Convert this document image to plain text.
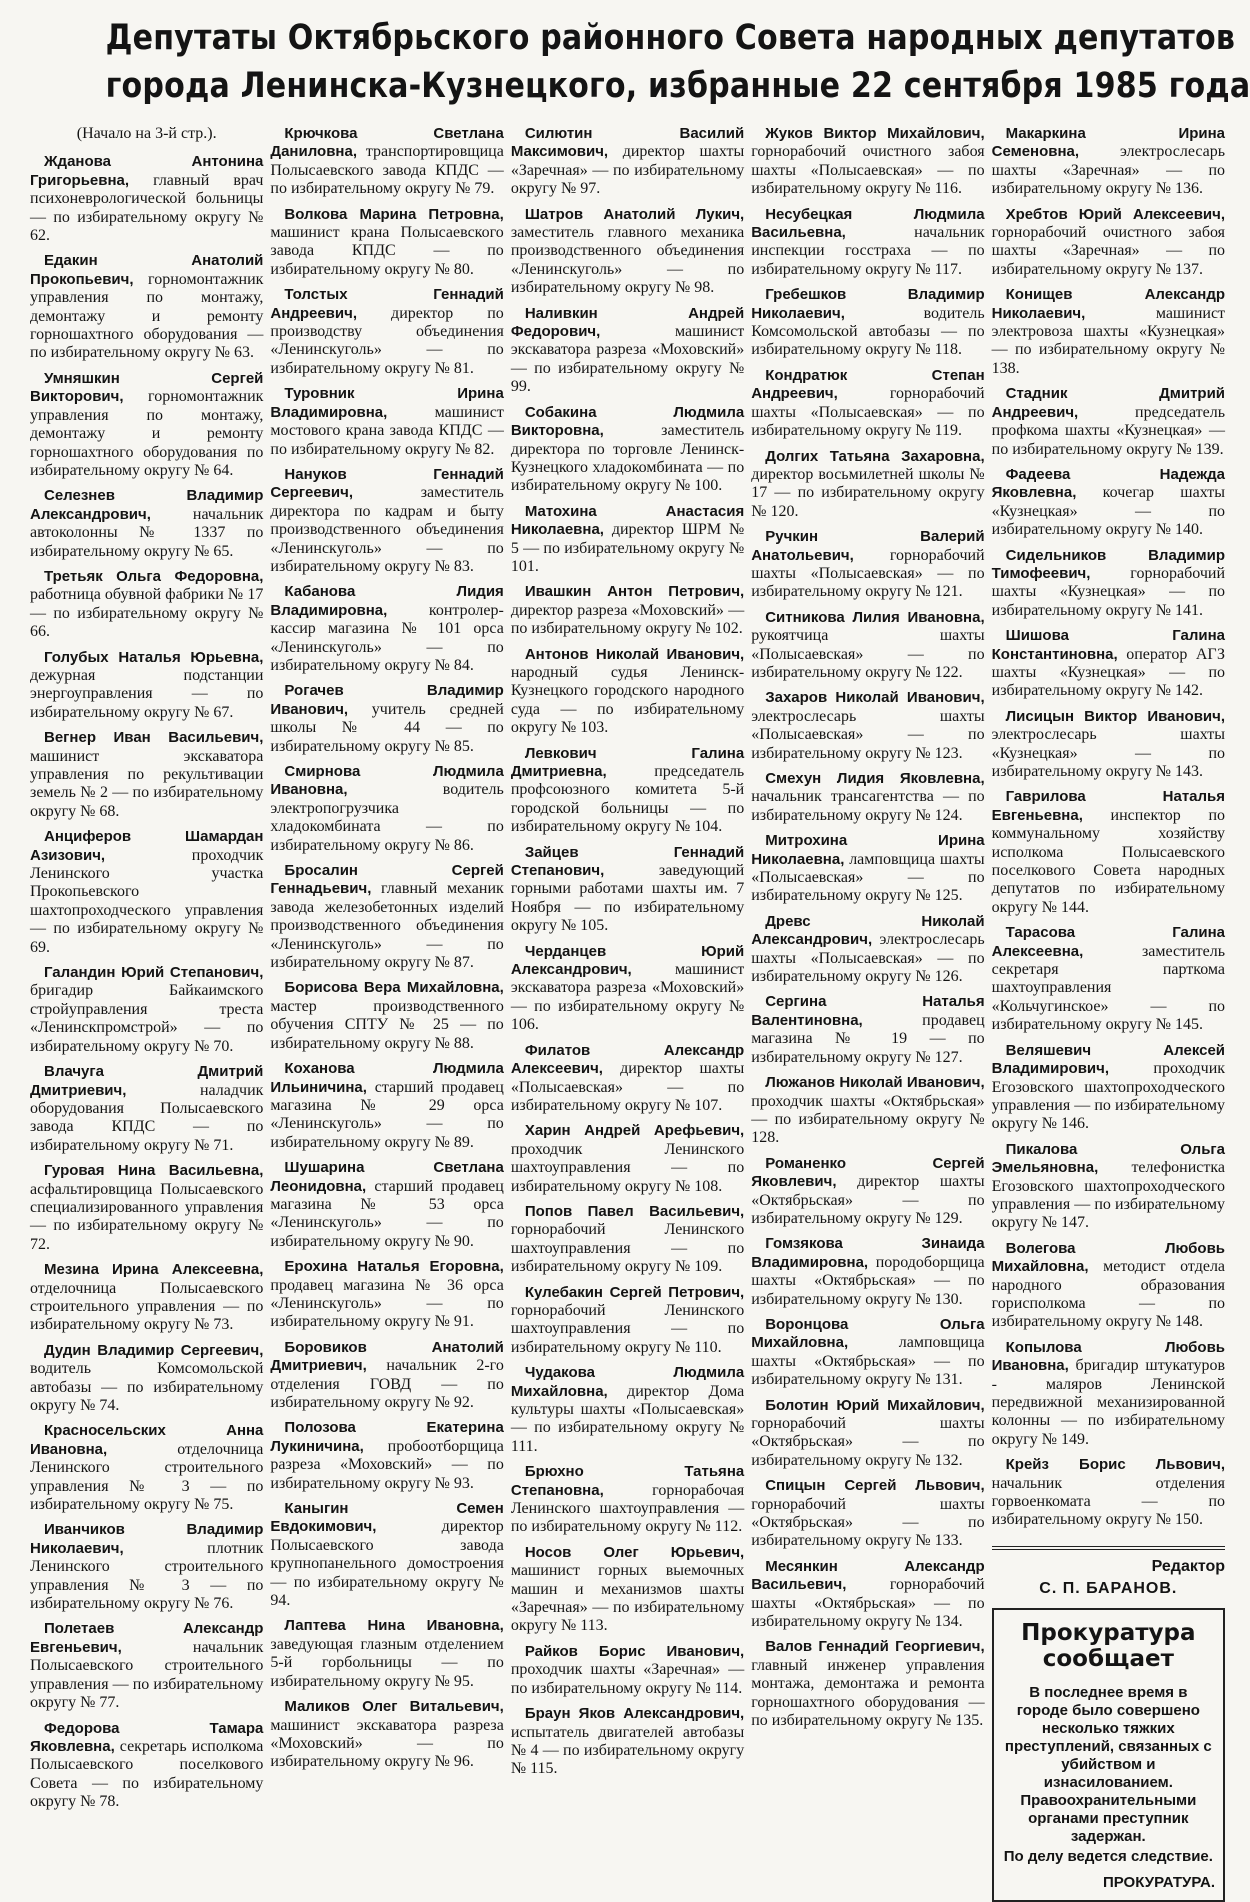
Депутаты Октябрьского районного Совета народных депутатов
города Ленинска-Кузнецкого, избранные 22 сентября 1985 года
(Начало на 3-й стр.).
Жданова Антонина Григорьевна, главный врач психоневрологической больницы — по избирательному округу № 62.
Едакин Анатолий Прокопьевич, горномонтажник управления по монтажу, демонтажу и ремонту горношахтного оборудования — по избирательному округу № 63.
Умняшкин Сергей Викторович, горномонтажник управления по монтажу, демонтажу и ремонту горношахтного оборудования по избирательному округу № 64.
Селезнев Владимир Александрович,	начальник автоколонны № 1337 по избирательному округу № 65.
Третьяк Ольга Федоровна, работница обувной фабрики № 17 — по избирательному округу № 66.
Голубых Наталья Юрьевна, дежурная подстанции энергоуправления — по избирательному округу № 67.
Вегнер Иван Васильевич, машинист экскаватора управления по рекультивации земель № 2 — по избирательному округу № 68.
Анциферов Шамардан Азизович,	проходчик Ленинского участка Прокопьевского шахтопроходческого управления — по избирательному округу № 69.
Галандин Юрий Степанович, бригадир Байкаимского стройуправления треста «Ленинскпромстрой» — по избирательному округу № 70.
Влачуга Дмитрий Дмитриевич,	наладчик оборудования Полысаевского завода КПДС — по избирательному округу № 71.
Гуровая Нина Васильевна, асфальтировщица Полысаевского специализированного управления — по избирательному округу № 72.
Мезина Ирина Алексеевна, отделочница Полысаевского строительного управления — по избирательному округу № 73.
Дудин Владимир Сергеевич, водитель Комсомольской автобазы — по избирательному округу № 74.
Красносельских Анна Ивановна,	отделочница Ленинского строительного управления № 3 — по избирательному округу № 75.
Иванчиков Владимир Николаевич,	плотник Ленинского строительного управления № 3 — по избирательному округу № 76.
Полетаев Александр Евгеньевич,	начальник Полысаевского строительного управления — по избирательному округу № 77.
Федорова Тамара Яковлевна, секретарь исполкома Полысаевского поселкового Совета — по избирательному округу № 78.
Крючкова Светлана Даниловна, транспортировщица Полысаевского завода КПДС — по избирательному округу № 79.
Волкова Марина Петровна, машинист крана Полысаевского завода КПДС — по избирательному округу № 80.
Толстых Геннадий Андреевич, директор по производству объединения «Ленинскуголь» — по избирательному округу № 81.
Туровник Ирина Владимировна,	машинист мостового крана завода КПДС — по избирательному округу № 82.
Нануков Геннадий Сергеевич,	заместитель директора по кадрам и быту производственного объединения «Ленинскуголь» — по избирательному округу № 83.
Кабанова Лидия Владимировна,	контролер-кассир магазина № 101 орса «Ленинскуголь» — по избирательному округу № 84.
Рогачев Владимир Иванович, учитель средней школы № 44 — по избирательному округу № 85.
Смирнова Людмила Ивановна,	водитель электропогрузчика хладокомбината — по избирательному округу № 86.
Бросалин Сергей Геннадьевич, главный механик завода железобетонных изделий производственного объединения «Ленинскуголь» — по избирательному округу № 87.
Борисова Вера Михайловна, мастер производственного обучения СПТУ № 25 — по избирательному округу № 88.
Коханова Людмила Ильиничина, старший продавец магазина № 29 орса «Ленинскуголь» — по избирательному округу № 89.
Шушарина Светлана Леонидовна, старший продавец магазина № 53 орса «Ленинскуголь» — по избирательному округу № 90.
Ерохина Наталья Егоровна, продавец магазина № 36 орса «Ленинскуголь» — по избирательному округу № 91.
Боровиков Анатолий Дмитриевич, начальник 2-го отделения ГОВД — по избирательному округу № 92.
Полозова Екатерина Лукиничина, пробоотборщица разреза «Моховский» — по избирательному округу № 93.
Каныгин Семен Евдокимович,	директор Полысаевского завода крупнопанельного домостроения — по избирательному округу № 94.
Лаптева Нина Ивановна, заведующая глазным отделением 5-й горбольницы — по избирательному округу № 95.
Маликов Олег Витальевич, машинист экскаватора разреза «Моховский» — по избирательному округу № 96.
Силютин Василий Максимович, директор шахты «Заречная» — по избирательному округу № 97.
Шатров Анатолий Лукич, заместитель главного механика производственного объединения «Ленинскуголь» — по избирательному округу № 98.
Наливкин Андрей Федорович,	машинист экскаватора разреза «Моховский» — по избирательному округу № 99.
Собакина Людмила Викторовна,	заместитель директора по торговле Ленинск-Кузнецкого хладокомбината — по избирательному округу № 100.
Матохина Анастасия Николаевна, директор ШРМ № 5 — по избирательному округу № 101.
Ивашкин Антон Петрович, директор разреза «Моховский» — по избирательному округу № 102.
Антонов Николай Иванович, народный судья Ленинск-Кузнецкого городского народного суда — по избирательному округу № 103.
Левкович Галина Дмитриевна,	председатель профсоюзного комитета 5-й городской больницы — по избирательному округу № 104.
Зайцев Геннадий Степанович,	заведующий горными работами шахты им. 7 Ноября — по избирательному округу № 105.
Черданцев Юрий Александрович,	машинист экскаватора разреза «Моховский» — по избирательному округу № 106.
Филатов Александр Алексеевич, директор шахты «Полысаевская» — по избирательному округу № 107.
Харин Андрей Арефьевич, проходчик Ленинского шахтоуправления — по избирательному округу № 108.
Попов Павел Васильевич, горнорабочий Ленинского шахтоуправления — по избирательному округу № 109.
Кулебакин Сергей Петрович, горнорабочий Ленинского шахтоуправления — по избирательному округу № 110.
Чудакова Людмила Михайловна, директор Дома культуры шахты «Полысаевская» — по избирательному округу № 111.
Брюхно Татьяна Степановна,	горнорабочая Ленинского шахтоуправления — по избирательному округу № 112.
Носов Олег Юрьевич, машинист горных выемочных машин и механизмов шахты «Заречная» — по избирательному округу № 113.
Райков Борис Иванович, проходчик шахты «Заречная» — по избирательному округу № 114.
Браун Яков Александрович, испытатель двигателей автобазы № 4 — по избирательному округу № 115.
Жуков Виктор Михайлович, горнорабочий очистного забоя шахты «Полысаевская» — по избирательному округу № 116.
Несубецкая Людмила Васильевна,	начальник инспекции госстраха — по избирательному округу № 117.
Гребешков Владимир Николаевич,	водитель Комсомольской автобазы — по избирательному округу № 118.
Кондратюк Степан Андреевич,	горнорабочий шахты «Полысаевская» — по избирательному округу № 119.
Долгих Татьяна Захаровна, директор восьмилетней школы № 17 — по избирательному округу № 120.
Ручкин Валерий Анатольевич, горнорабочий шахты «Полысаевская» — по избирательному округу № 121.
Ситникова Лилия Ивановна, рукоятчица шахты «Полысаевская» — по избирательному округу № 122.
Захаров Николай Иванович, электрослесарь шахты «Полысаевская» — по избирательному округу № 123.
Смехун Лидия Яковлевна, начальник трансагентства — по избирательному округу № 124.
Митрохина Ирина Николаевна, ламповщица шахты «Полысаевская» — по избирательному округу № 125.
Древс Николай Александрович, электрослесарь шахты «Полысаевская» — по избирательному округу № 126.
Сергина Наталья Валентиновна,	продавец магазина № 19 — по избирательному округу № 127.
Люжанов Николай Иванович, проходчик шахты «Октябрьская» — по избирательному округу № 128.
Романенко Сергей Яковлевич, директор шахты «Октябрьская» — по избирательному округу № 129.
Гомзякова Зинаида Владимировна, породоборщица шахты «Октябрьская» — по избирательному округу № 130.
Воронцова Ольга Михайловна,	ламповщица шахты «Октябрьская» — по избирательному округу № 131.
Болотин Юрий Михайлович, горнорабочий шахты «Октябрьская» — по избирательному округу № 132.
Спицын Сергей Львович, горнорабочий шахты «Октябрьская» — по избирательному округу № 133.
Месянкин Александр Васильевич,	горнорабочий шахты «Октябрьская» — по избирательному округу № 134.
Валов Геннадий Георгиевич, главный инженер управления монтажа, демонтажа и ремонта горношахтного оборудования — по избирательному округу № 135.
Макаркина Ирина Семеновна,	электрослесарь шахты «Заречная» — по избирательному округу № 136.
Хребтов Юрий Алексеевич, горнорабочий очистного забоя шахты «Заречная» — по избирательному округу № 137.
Конищев Александр Николаевич,	машинист электровоза шахты «Кузнецкая» — по избирательному округу № 138.
Стадник Дмитрий Андреевич,	председатель профкома шахты «Кузнецкая» — по избирательному округу № 139.
Фадеева Надежда Яковлевна, кочегар шахты «Кузнецкая» — по избирательному округу № 140.
Сидельников Владимир Тимофеевич, горнорабочий шахты «Кузнецкая» — по избирательному округу № 141.
Шишова Галина Константиновна, оператор АГЗ шахты «Кузнецкая» — по избирательному округу № 142.
Лисицын Виктор Иванович, электрослесарь шахты «Кузнецкая» — по избирательному округу № 143.
Гаврилова Наталья Евгеньевна, инспектор по коммунальному хозяйству исполкома Полысаевского поселкового Совета народных депутатов по избирательному округу № 144.
Тарасова Галина Алексеевна,	заместитель секретаря парткома шахтоуправления «Кольчугинское» — по избирательному округу № 145.
Веляшевич Алексей Владимирович,	проходчик Егозовского шахтопроходческого управления — по избирательному округу № 146.
Пикалова Ольга Эмельяновна, телефонистка Егозовского шахтопроходческого управления — по избирательному округу № 147.
Волегова Любовь Михайловна, методист отдела народного образования горисполкома — по избирательному округу № 148.
Копылова Любовь Ивановна, бригадир штукатуров - маляров Ленинской передвижной механизированной колонны — по избирательному округу № 149.
Крейз Борис Львович, начальник отделения горвоенкомата — по избирательному округу № 150.
Редактор
С. П. БАРАНОВ.
Прокуратура
сообщает
В последнее время в городе было совершено несколько тяжких преступлений, связанных с убийством и изнасилованием. Правоохранительными органами преступник задержан.
По делу ведется следствие.
ПРОКУРАТУРА.
